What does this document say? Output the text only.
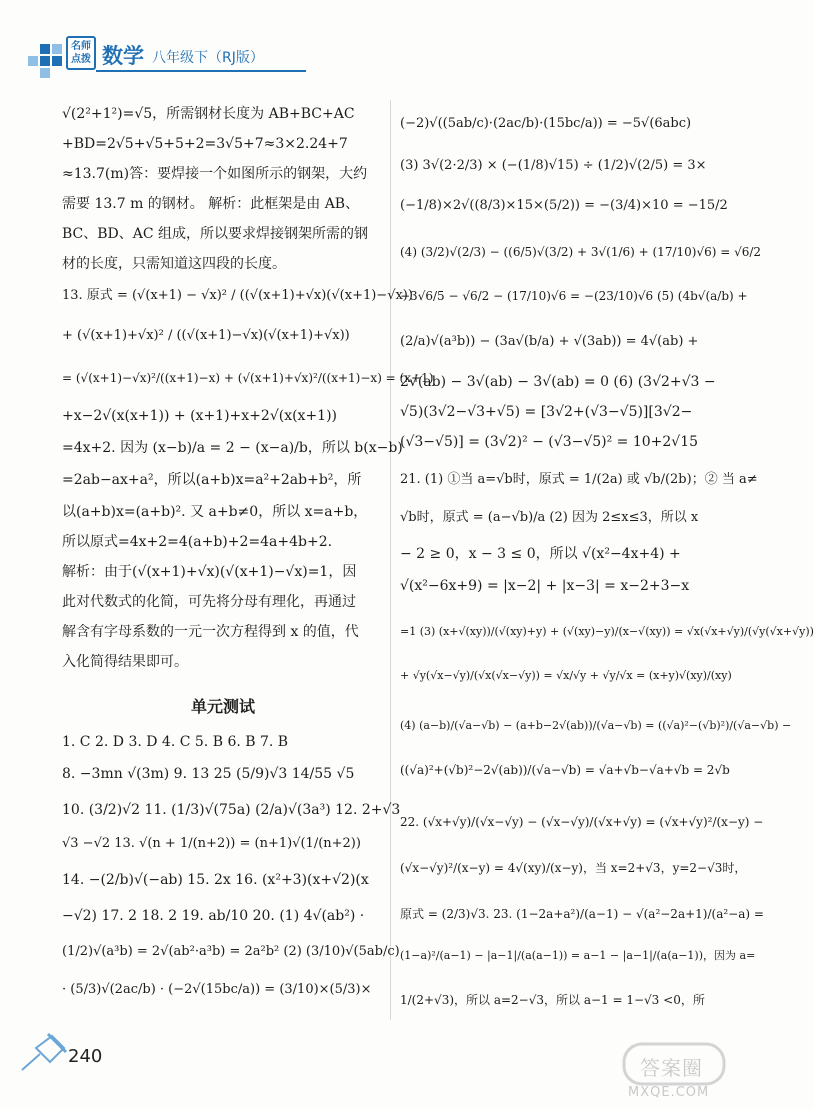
名师
点拨 数学 八年级下（RJ版）
√(2²+1²)=√5，所需钢材长度为 AB+BC+AC
+BD=2√5+√5+5+2=3√5+7≈3×2.24+7
≈13.7(m)答：要焊接一个如图所示的钢架，大约
需要 13.7 m 的钢材。 解析：此框架是由 AB、
BC、BD、AC 组成，所以要求焊接钢架所需的钢
材的长度，只需知道这四段的长度。
13. 原式 = (√(x+1) − √x)² / ((√(x+1)+√x)(√(x+1)−√x))
+ (√(x+1)+√x)² / ((√(x+1)−√x)(√(x+1)+√x))
= (√(x+1)−√x)²/((x+1)−x) + (√(x+1)+√x)²/((x+1)−x) = (x+1)
+x−2√(x(x+1)) + (x+1)+x+2√(x(x+1))
=4x+2. 因为 (x−b)/a = 2 − (x−a)/b，所以 b(x−b)
=2ab−ax+a²，所以(a+b)x=a²+2ab+b²，所
以(a+b)x=(a+b)². 又 a+b≠0，所以 x=a+b，
所以原式=4x+2=4(a+b)+2=4a+4b+2.
解析：由于(√(x+1)+√x)(√(x+1)−√x)=1，因
此对代数式的化简，可先将分母有理化，再通过
解含有字母系数的一元一次方程得到 x 的值，代
入化简得结果即可。
单元测试
1. C 2. D 3. D 4. C 5. B 6. B 7. B
8. −3mn √(3m) 9. 13 25 (5/9)√3 14/55 √5
10. (3/2)√2 11. (1/3)√(75a) (2/a)√(3a³) 12. 2+√3
√3 −√2 13. √(n + 1/(n+2)) = (n+1)√(1/(n+2))
14. −(2/b)√(−ab) 15. 2x 16. (x²+3)(x+√2)(x
−√2) 17. 2 18. 2 19. ab/10 20. (1) 4√(ab²) ·
(1/2)√(a³b) = 2√(ab²·a³b) = 2a²b² (2) (3/10)√(5ab/c)
· (5/3)√(2ac/b) · (−2√(15bc/a)) = (3/10)×(5/3)×
(−2)√((5ab/c)·(2ac/b)·(15bc/a)) = −5√(6abc)
(3) 3√(2·2/3) × (−(1/8)√15) ÷ (1/2)√(2/5) = 3×
(−1/8)×2√((8/3)×15×(5/2)) = −(3/4)×10 = −15/2
(4) (3/2)√(2/3) − ((6/5)√(3/2) + 3√(1/6) + (17/10)√6) = √6/2
−3√6/5 − √6/2 − (17/10)√6 = −(23/10)√6 (5) (4b√(a/b) +
(2/a)√(a³b)) − (3a√(b/a) + √(3ab)) = 4√(ab) +
2√(ab) − 3√(ab) − 3√(ab) = 0 (6) (3√2+√3 −
√5)(3√2−√3+√5) = [3√2+(√3−√5)][3√2−
(√3−√5)] = (3√2)² − (√3−√5)² = 10+2√15
21. (1) ①当 a=√b时，原式 = 1/(2a) 或 √b/(2b)；② 当 a≠
√b时，原式 = (a−√b)/a (2) 因为 2≤x≤3，所以 x
− 2 ≥ 0，x − 3 ≤ 0，所以 √(x²−4x+4) +
√(x²−6x+9) = |x−2| + |x−3| = x−2+3−x
=1 (3) (x+√(xy))/(√(xy)+y) + (√(xy)−y)/(x−√(xy)) = √x(√x+√y)/(√y(√x+√y))
+ √y(√x−√y)/(√x(√x−√y)) = √x/√y + √y/√x = (x+y)√(xy)/(xy)
(4) (a−b)/(√a−√b) − (a+b−2√(ab))/(√a−√b) = ((√a)²−(√b)²)/(√a−√b) −
((√a)²+(√b)²−2√(ab))/(√a−√b) = √a+√b−√a+√b = 2√b
22. (√x+√y)/(√x−√y) − (√x−√y)/(√x+√y) = (√x+√y)²/(x−y) −
(√x−√y)²/(x−y) = 4√(xy)/(x−y)，当 x=2+√3，y=2−√3时，
原式 = (2/3)√3. 23. (1−2a+a²)/(a−1) − √(a²−2a+1)/(a²−a) =
(1−a)²/(a−1) − |a−1|/(a(a−1)) = a−1 − |a−1|/(a(a−1))，因为 a=
1/(2+√3)，所以 a=2−√3，所以 a−1 = 1−√3 <0，所
240	答案圈
MXQE.COM
